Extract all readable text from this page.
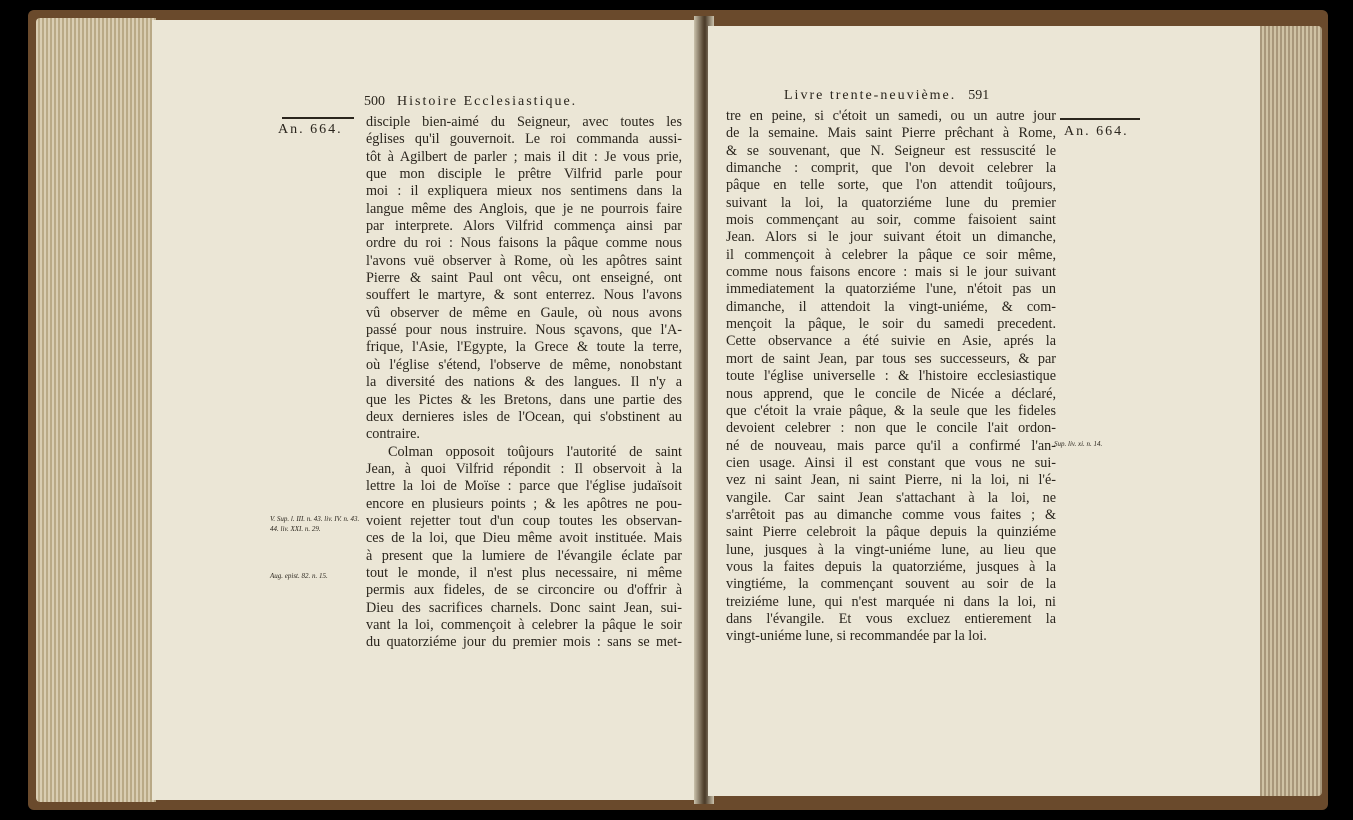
500 Histoire Ecclesiastique.
An. 664. disciple bien-aimé du Seigneur, avec toutes les
églises qu'il gouvernoit. Le roi commanda aussi-
tôt à Agilbert de parler ; mais il dit : Je vous prie,
que mon disciple le prêtre Vilfrid parle pour
moi : il expliquera mieux nos sentimens dans la
langue même des Anglois, que je ne pourrois faire
par interprete. Alors Vilfrid commença ainsi par
ordre du roi : Nous faisons la pâque comme nous
l'avons vuë observer à Rome, où les apôtres saint
Pierre & saint Paul ont vêcu, ont enseigné, ont
souffert le martyre, & sont enterrez. Nous l'avons
vû observer de même en Gaule, où nous avons
passé pour nous instruire. Nous sçavons, que l'A-
frique, l'Asie, l'Egypte, la Grece & toute la terre,
où l'église s'étend, l'observe de même, nonobstant
la diversité des nations & des langues. Il n'y a
que les Pictes & les Bretons, dans une partie des
deux dernieres isles de l'Ocean, qui s'obstinent au
contraire.
Colman opposoit toûjours l'autorité de saint
Jean, à quoi Vilfrid répondit : Il observoit à la
lettre la loi de Moïse : parce que l'église judaïsoit
encore en plusieurs points ; & les apôtres ne pou-
voient rejetter tout d'un coup toutes les observan-
ces de la loi, que Dieu même avoit instituée. Mais
à present que la lumiere de l'évangile éclate par
tout le monde, il n'est plus necessaire, ni même
permis aux fideles, de se circoncire ou d'offrir à
Dieu des sacrifices charnels. Donc saint Jean, sui-
vant la loi, commençoit à celebrer la pâque le soir
du quatorziéme jour du premier mois : sans se met-
V. Sup. l. III. n. 43. liv. IV. n. 43. 44. liv. XXI. n. 29.
Aug. epist. 82. n. 15.
Livre trente-neuvième. 591
An. 664.
tre en peine, si c'étoit un samedi, ou un autre jour
de la semaine. Mais saint Pierre prêchant à Rome,
& se souvenant, que N. Seigneur est ressuscité le
dimanche : comprit, que l'on devoit celebrer la
pâque en telle sorte, que l'on attendit toûjours,
suivant la loi, la quatorziéme lune du premier
mois commençant au soir, comme faisoient saint
Jean. Alors si le jour suivant étoit un dimanche,
il commençoit à celebrer la pâque ce soir même,
comme nous faisons encore : mais si le jour suivant
immediatement la quatorziéme l'une, n'étoit pas un
dimanche, il attendoit la vingt-uniéme, & com-
mençoit la pâque, le soir du samedi precedent.
Cette observance a été suivie en Asie, aprés la
mort de saint Jean, par tous ses successeurs, & par
toute l'église universelle : & l'histoire ecclesiastique
nous apprend, que le concile de Nicée a déclaré,
que c'étoit la vraie pâque, & la seule que les fideles
devoient celebrer : non que le concile l'ait ordon-
né de nouveau, mais parce qu'il a confirmé l'an-
cien usage. Ainsi il est constant que vous ne sui-
vez ni saint Jean, ni saint Pierre, ni la loi, ni l'é-
vangile. Car saint Jean s'attachant à la loi, ne
s'arrêtoit pas au dimanche comme vous faites ; &
saint Pierre celebroit la pâque depuis la quinziéme
lune, jusques à la vingt-uniéme lune, au lieu que
vous la faites depuis la quatorziéme, jusques à la
vingtiéme, la commençant souvent au soir de la
treiziéme lune, qui n'est marquée ni dans la loi, ni
dans l'évangile. Et vous excluez entierement la
vingt-uniéme lune, si recommandée par la loi.
Sup. liv. xi. n. 14.
